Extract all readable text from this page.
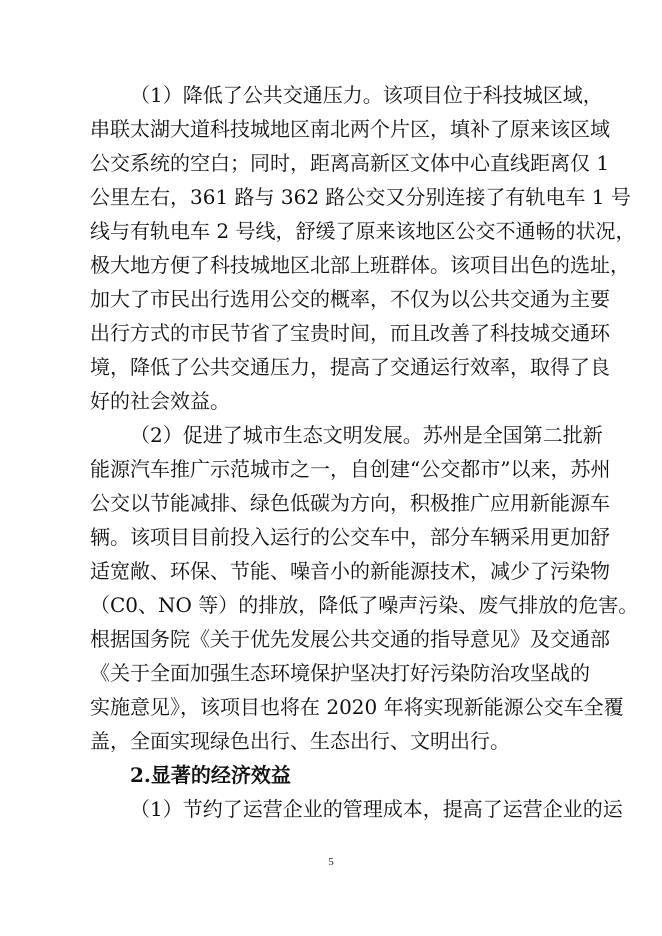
（1）降低了公共交通压力。该项目位于科技城区域，
串联太湖大道科技城地区南北两个片区，填补了原来该区域
公交系统的空白；同时，距离高新区文体中心直线距离仅 1
公里左右，361 路与 362 路公交又分别连接了有轨电车 1 号
线与有轨电车 2 号线，舒缓了原来该地区公交不通畅的状况，
极大地方便了科技城地区北部上班群体。该项目出色的选址，
加大了市民出行选用公交的概率，不仅为以公共交通为主要
出行方式的市民节省了宝贵时间，而且改善了科技城交通环
境，降低了公共交通压力，提高了交通运行效率，取得了良
好的社会效益。
（2）促进了城市生态文明发展。苏州是全国第二批新
能源汽车推广示范城市之一，自创建“公交都市”以来，苏州
公交以节能减排、绿色低碳为方向，积极推广应用新能源车
辆。该项目目前投入运行的公交车中，部分车辆采用更加舒
适宽敞、环保、节能、噪音小的新能源技术，减少了污染物
（C0、NO 等）的排放，降低了噪声污染、废气排放的危害。
根据国务院《关于优先发展公共交通的指导意见》及交通部
《关于全面加强生态环境保护坚决打好污染防治攻坚战的
实施意见》，该项目也将在 2020 年将实现新能源公交车全覆
盖，全面实现绿色出行、生态出行、文明出行。
2.显著的经济效益
（1）节约了运营企业的管理成本，提高了运营企业的运
5
